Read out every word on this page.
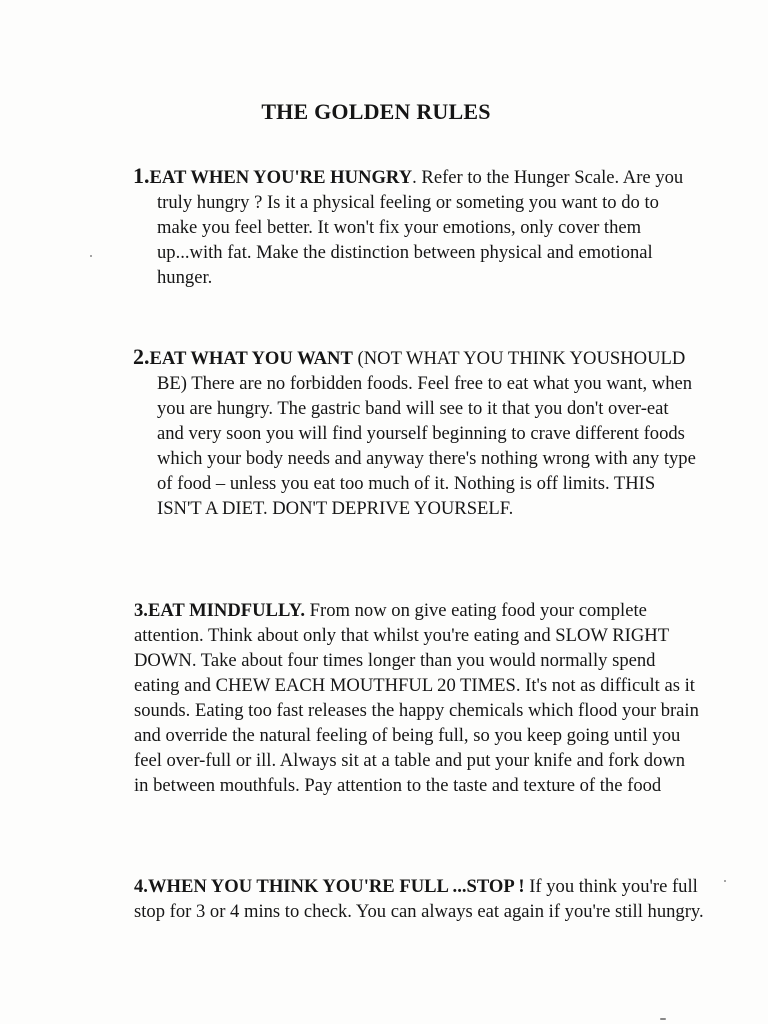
THE GOLDEN RULES
1.EAT WHEN YOU'RE HUNGRY. Refer to the Hunger Scale. Are you truly hungry ? Is it a physical feeling or someting you want to do to make you feel better. It won't fix your emotions, only cover them up...with fat. Make the distinction between physical and emotional hunger.
2.EAT WHAT YOU WANT (NOT WHAT YOU THINK YOUSHOULD BE) There are no forbidden foods. Feel free to eat what you want, when you are hungry. The gastric band will see to it that you don't over-eat and very soon you will find yourself beginning to crave different foods which your body needs and anyway there's nothing wrong with any type of food – unless you eat too much of it. Nothing is off limits. THIS ISN'T A DIET. DON'T DEPRIVE YOURSELF.
3.EAT MINDFULLY. From now on give eating food your complete attention. Think about only that whilst you're eating and SLOW RIGHT DOWN. Take about four times longer than you would normally spend eating and CHEW EACH MOUTHFUL 20 TIMES. It's not as difficult as it sounds. Eating too fast releases the happy chemicals which flood your brain and override the natural feeling of being full, so you keep going until you feel over-full or ill. Always sit at a table and put your knife and fork down in between mouthfuls. Pay attention to the taste and texture of the food
4.WHEN YOU THINK YOU'RE FULL ...STOP ! If you think you're full stop for 3 or 4 mins to check. You can always eat again if you're still hungry.
